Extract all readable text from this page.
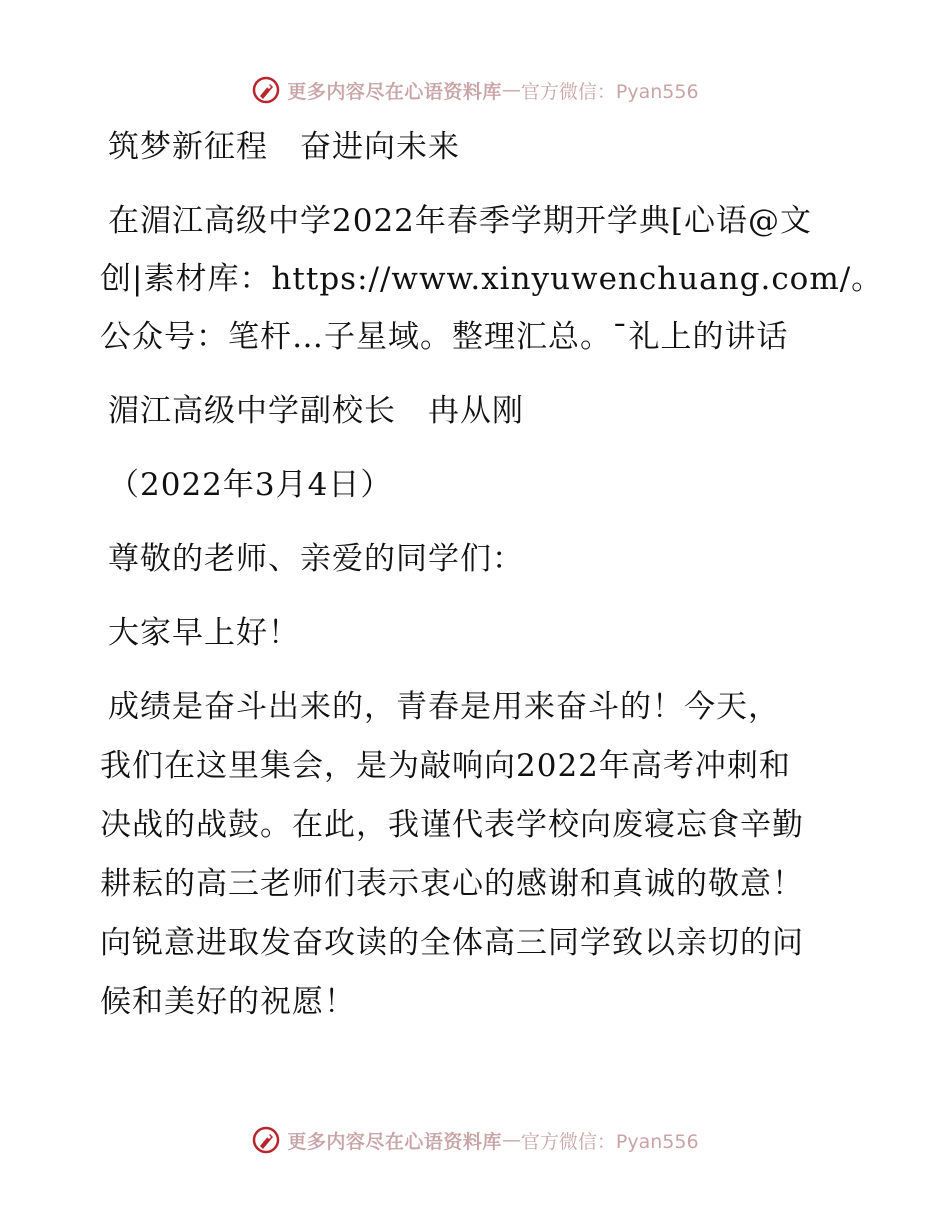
更多内容尽在心语资料库 — 官方微信：Pyan556
筑梦新征程　奋进向未来
在湄江高级中学2022年春季学期开学典[心语@文
创|素材库：https://www.xinyuwenchuang.com/。
公众号：笔杆…子星域。整理汇总。¯礼上的讲话
湄江高级中学副校长　冉从刚
（2022年3月4日）
尊敬的老师、亲爱的同学们：
大家早上好！
成绩是奋斗出来的，青春是用来奋斗的！今天，
我们在这里集会，是为敲响向2022年高考冲刺和
决战的战鼓。在此，我谨代表学校向废寝忘食辛勤
耕耘的高三老师们表示衷心的感谢和真诚的敬意！
向锐意进取发奋攻读的全体高三同学致以亲切的问
候和美好的祝愿！
更多内容尽在心语资料库 — 官方微信：Pyan556
